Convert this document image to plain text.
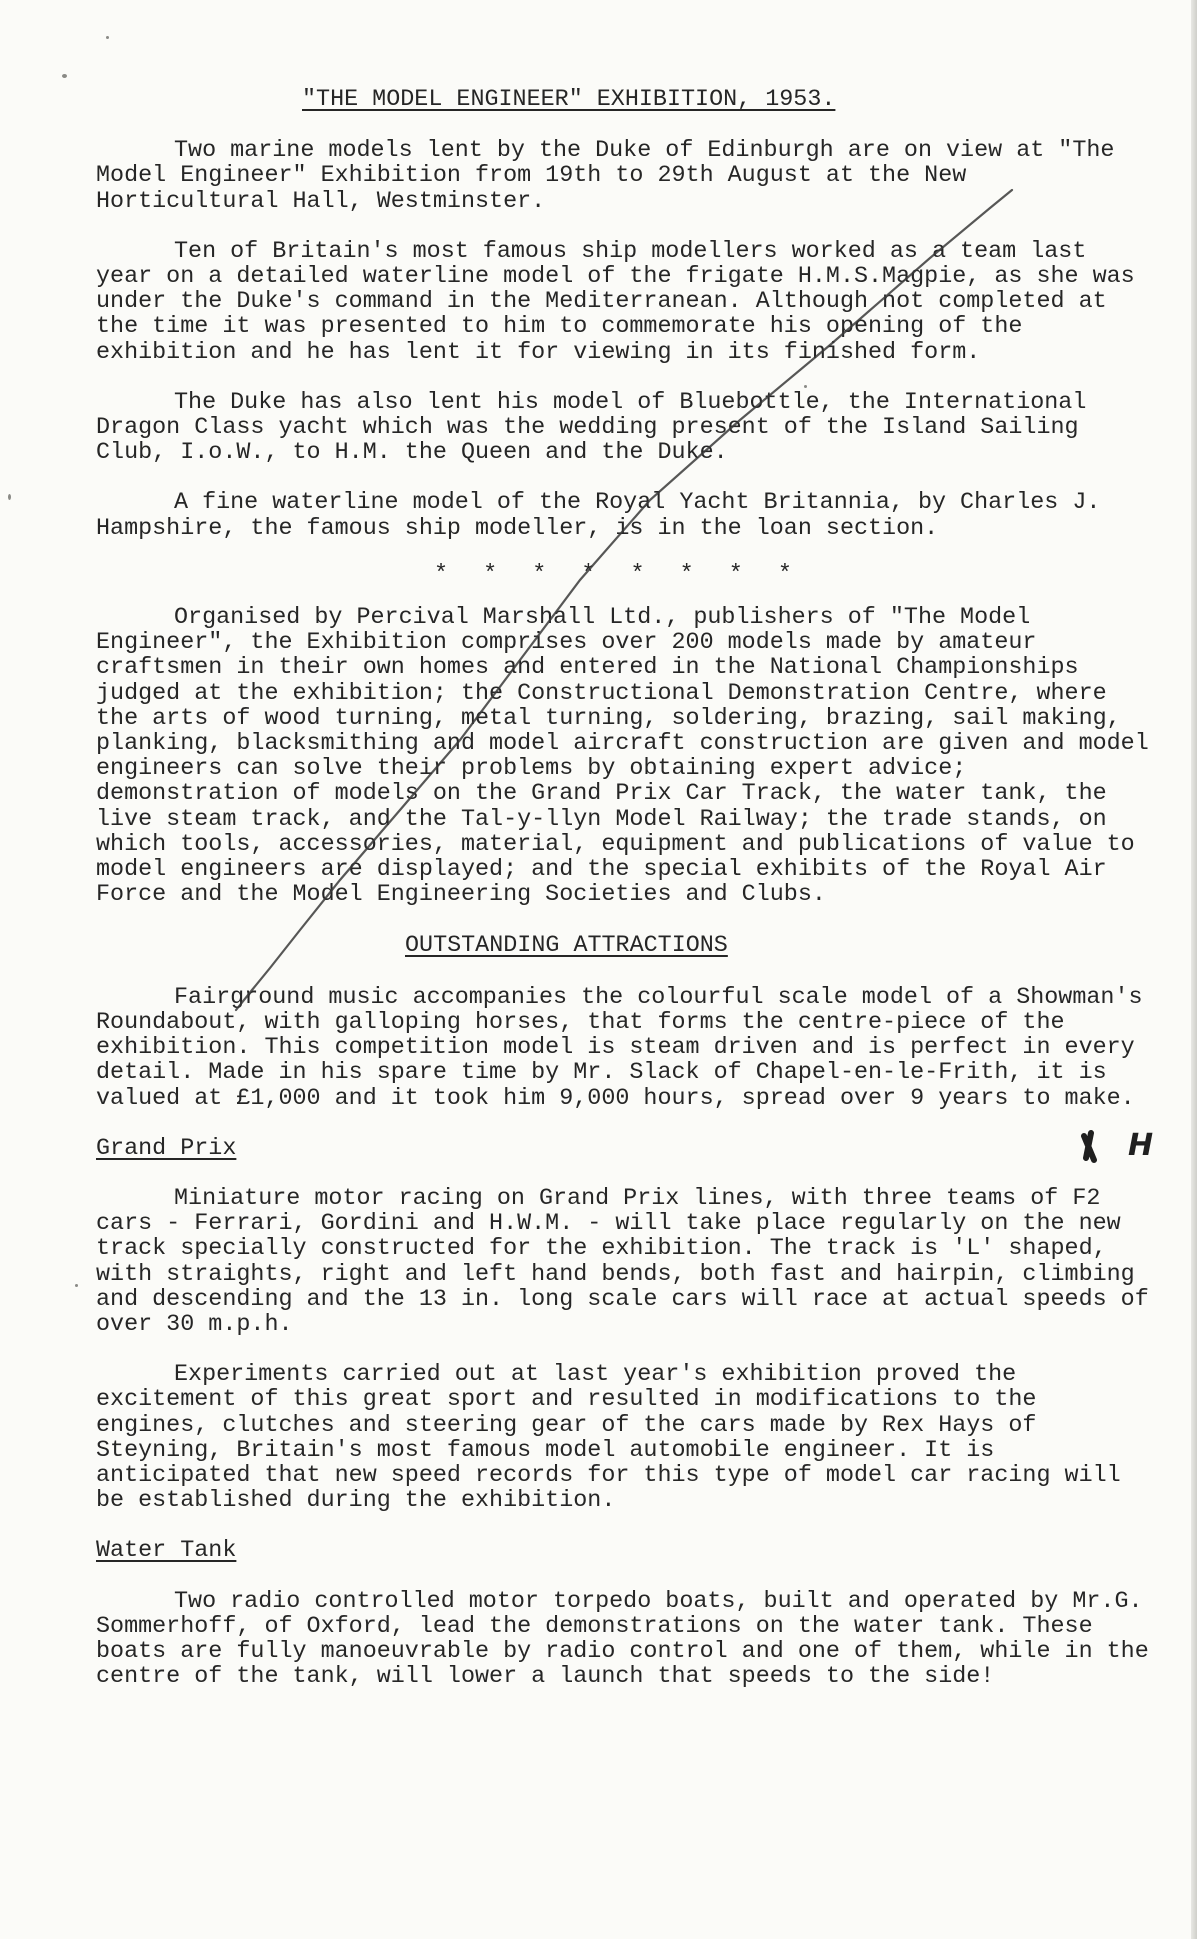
"THE MODEL ENGINEER" EXHIBITION, 1953.

Two marine models lent by the Duke of Edinburgh are on view at "The Model Engineer" Exhibition from 19th to 29th August at the New Horticultural Hall, Westminster.

Ten of Britain's most famous ship modellers worked as a team last year on a detailed waterline model of the frigate H.M.S.Magpie, as she was under the Duke's command in the Mediterranean. Although not completed at the time it was presented to him to commemorate his opening of the exhibition and he has lent it for viewing in its finished form.

The Duke has also lent his model of Bluebottle, the International Dragon Class yacht which was the wedding present of the Island Sailing Club, I.o.W., to H.M. the Queen and the Duke.

A fine waterline model of the Royal Yacht Britannia, by Charles J. Hampshire, the famous ship modeller, is in the loan section.

* * * * * * * *

Organised by Percival Marshall Ltd., publishers of "The Model Engineer", the Exhibition comprises over 200 models made by amateur craftsmen in their own homes and entered in the National Championships judged at the exhibition; the Constructional Demonstration Centre, where the arts of wood turning, metal turning, soldering, brazing, sail making, planking, blacksmithing and model aircraft construction are given and model engineers can solve their problems by obtaining expert advice; demonstration of models on the Grand Prix Car Track, the water tank, the live steam track, and the Tal-y-llyn Model Railway; the trade stands, on which tools, accessories, material, equipment and publications of value to model engineers are displayed; and the special exhibits of the Royal Air Force and the Model Engineering Societies and Clubs.

OUTSTANDING ATTRACTIONS

Fairground music accompanies the colourful scale model of a Showman's Roundabout, with galloping horses, that forms the centre-piece of the exhibition. This competition model is steam driven and is perfect in every detail. Made in his spare time by Mr. Slack of Chapel-en-le-Frith, it is valued at £1,000 and it took him 9,000 hours, spread over 9 years to make.

Grand Prix

Miniature motor racing on Grand Prix lines, with three teams of F2 cars - Ferrari, Gordini and H.W.M. - will take place regularly on the new track specially constructed for the exhibition. The track is 'L' shaped, with straights, right and left hand bends, both fast and hairpin, climbing and descending and the 13 in. long scale cars will race at actual speeds of over 30 m.p.h.

Experiments carried out at last year's exhibition proved the excitement of this great sport and resulted in modifications to the engines, clutches and steering gear of the cars made by Rex Hays of Steyning, Britain's most famous model automobile engineer. It is anticipated that new speed records for this type of model car racing will be established during the exhibition.

Water Tank

Two radio controlled motor torpedo boats, built and operated by Mr.G. Sommerhoff, of Oxford, lead the demonstrations on the water tank. These boats are fully manoeuvrable by radio control and one of them, while in the centre of the tank, will lower a launch that speeds to the side!

H
